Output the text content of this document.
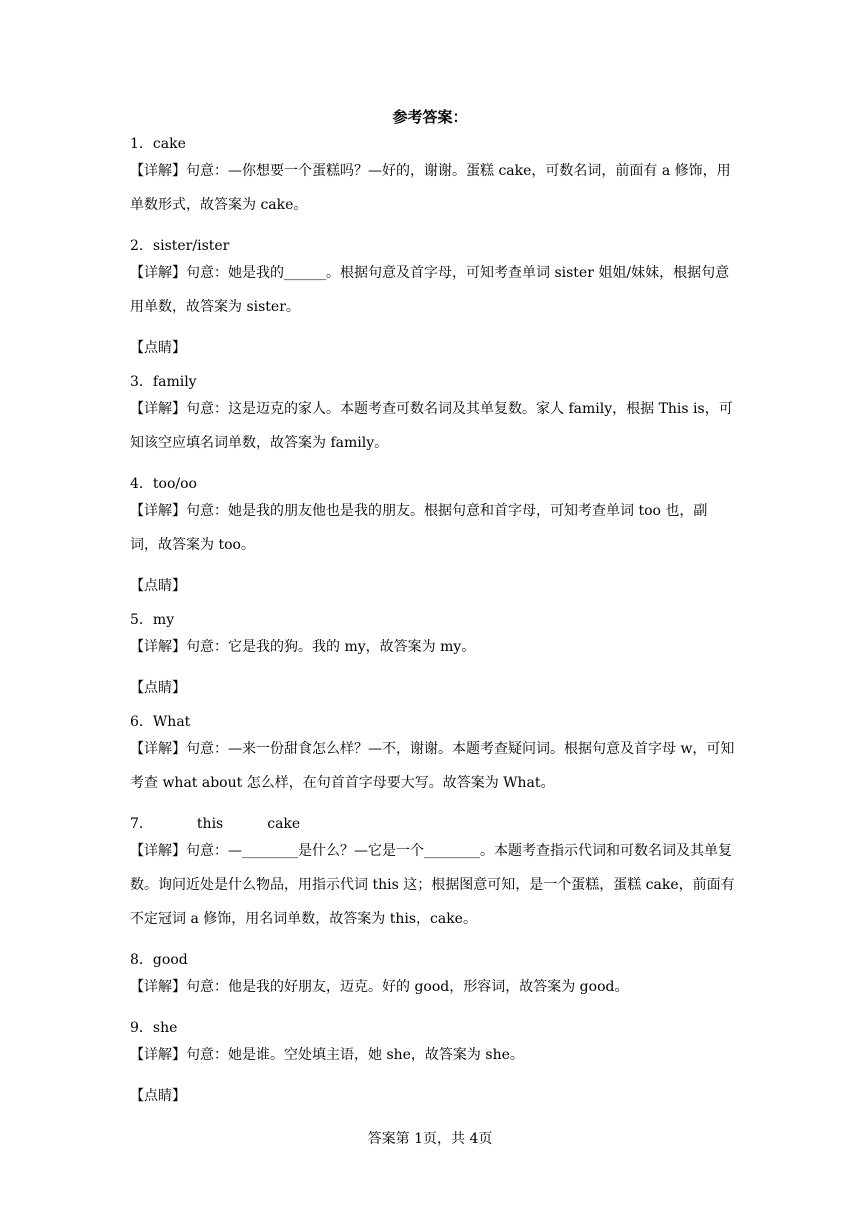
参考答案：
1．cake
【详解】句意：—你想要一个蛋糕吗？—好的，谢谢。蛋糕 cake，可数名词，前面有 a 修饰，用单数形式，故答案为 cake。
2．sister/ister
【详解】句意：她是我的______。根据句意及首字母，可知考查单词 sister 姐姐/妹妹，根据句意用单数，故答案为 sister。
【点睛】
3．family
【详解】句意：这是迈克的家人。本题考查可数名词及其单复数。家人 family，根据 This is，可知该空应填名词单数，故答案为 family。
4．too/oo
【详解】句意：她是我的朋友他也是我的朋友。根据句意和首字母，可知考查单词 too 也，副词，故答案为 too。
【点睛】
5．my
【详解】句意：它是我的狗。我的 my，故答案为 my。
【点睛】
6．What
【详解】句意：—来一份甜食怎么样？—不，谢谢。本题考查疑问词。根据句意及首字母 w，可知考查 what about 怎么样，在句首首字母要大写。故答案为 What。
7．	this	cake
【详解】句意：—________是什么？—它是一个________。本题考查指示代词和可数名词及其单复数。询问近处是什么物品，用指示代词 this 这；根据图意可知，是一个蛋糕，蛋糕 cake，前面有不定冠词 a 修饰，用名词单数，故答案为 this，cake。
8．good
【详解】句意：他是我的好朋友，迈克。好的 good，形容词，故答案为 good。
9．she
【详解】句意：她是谁。空处填主语，她 she，故答案为 she。
【点睛】
答案第 1页，共 4页
